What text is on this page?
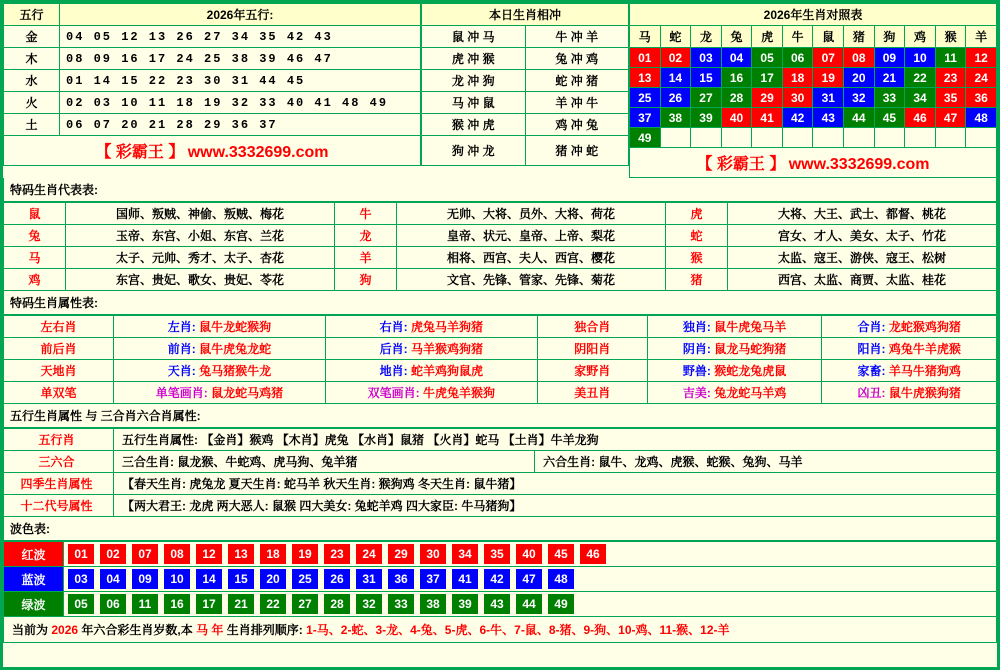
五行	2026年五行:
金	04 05 12 13 26 27 34 35 42 43
木	08 09 16 17 24 25 38 39 46 47
水	01 14 15 22 23 30 31 44 45
火	02 03 10 11 18 19 32 33 40 41 48 49
土	06 07 20 21 28 29 36 37
【 彩霸王 】 www.3332699.com	
本日生肖相冲	
鼠 冲 马	牛 冲 羊
虎 冲 猴	兔 冲 鸡
龙 冲 狗	蛇 冲 猪
马 冲 鼠	羊 冲 牛
猴 冲 虎	鸡 冲 兔
狗 冲 龙	猪 冲 蛇
2026年生肖对照表											
马	蛇	龙	兔	虎	牛	鼠	猪	狗	鸡	猴	羊
01	02	03	04	05	06	07	08	09	10	11	12
13	14	15	16	17	18	19	20	21	22	23	24
25	26	27	28	29	30	31	32	33	34	35	36
37	38	39	40	41	42	43	44	45	46	47	48
49											
【 彩霸王 】 www.3332699.com											
特码生肖代表表:
鼠	国师、叛贼、神偷、叛贼、梅花	牛	无帅、大将、员外、大将、荷花	虎	大将、大王、武士、都督、桃花
兔	玉帝、东宫、小姐、东宫、兰花	龙	皇帝、状元、皇帝、上帝、梨花	蛇	宫女、才人、美女、太子、竹花
马	太子、元帅、秀才、太子、杏花	羊	相将、西宫、夫人、西宫、樱花	猴	太监、寇王、游侠、寇王、松树
鸡	东宫、贵妃、歌女、贵妃、苓花	狗	文官、先锋、管家、先锋、菊花	猪	西宫、太监、商贾、太监、桂花
特码生肖属性表:
左右肖	左肖: 鼠牛龙蛇猴狗	右肖: 虎兔马羊狗猪	独合肖	独肖: 鼠牛虎兔马羊	合肖: 龙蛇猴鸡狗猪
前后肖	前肖: 鼠牛虎兔龙蛇	后肖: 马羊猴鸡狗猪	阴阳肖	阴肖: 鼠龙马蛇狗猪	阳肖: 鸡兔牛羊虎猴
天地肖	天肖: 兔马猪猴牛龙	地肖: 蛇羊鸡狗鼠虎	家野肖	野兽: 猴蛇龙兔虎鼠	家畜: 羊马牛猪狗鸡
单双笔	单笔画肖: 鼠龙蛇马鸡猪	双笔画肖: 牛虎兔羊猴狗	美丑肖	吉美: 兔龙蛇马羊鸡	凶丑: 鼠牛虎猴狗猪
五行生肖属性 与 三合肖六合肖属性:
五行肖	五行生肖属性: 【金肖】猴鸡 【木肖】虎兔 【水肖】鼠猪 【火肖】蛇马 【土肖】牛羊龙狗	
三六合	三合生肖: 鼠龙猴、牛蛇鸡、虎马狗、兔羊猪	六合生肖: 鼠牛、龙鸡、虎猴、蛇猴、兔狗、马羊
四季生肖属性	【春天生肖: 虎兔龙 夏天生肖: 蛇马羊 秋天生肖: 猴狗鸡 冬天生肖: 鼠牛猪】	
十二代号属性	【两大君王: 龙虎 两大恶人: 鼠猴 四大美女: 兔蛇羊鸡 四大家臣: 牛马猪狗】	
波色表:
红波	01 02 07 08 12 13 18 19 23 24 29 30 34 35 40 45 46
蓝波	03 04 09 10 14 15 20 25 26 31 36 37 41 42 47 48
绿波	05 06 11 16 17 21 22 27 28 32 33 38 39 43 44 49
当前为 2026 年六合彩生肖岁数,本 马 年 生肖排列顺序: 1-马、2-蛇、3-龙、4-兔、5-虎、6-牛、7-鼠、8-猪、9-狗、10-鸡、11-猴、12-羊
